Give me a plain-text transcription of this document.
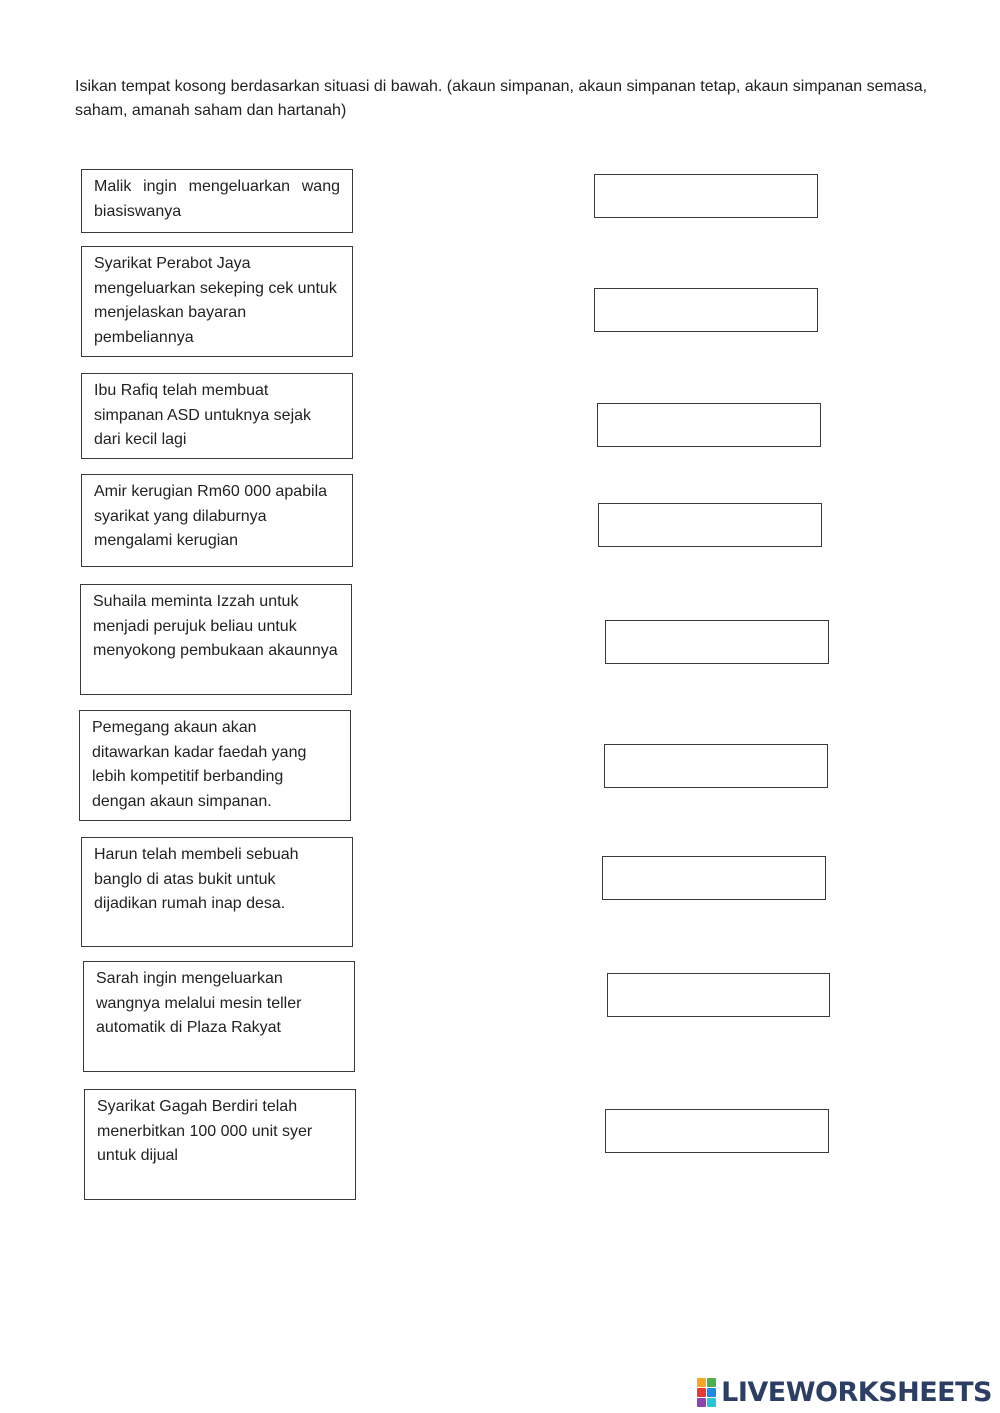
Isikan tempat kosong berdasarkan situasi di bawah. (akaun simpanan, akaun simpanan tetap, akaun simpanan semasa, saham, amanah saham dan hartanah)

Malik ingin mengeluarkan wang biasiswanya
Syarikat Perabot Jaya mengeluarkan sekeping cek untuk menjelaskan bayaran pembeliannya
Ibu Rafiq telah membuat simpanan ASD untuknya sejak dari kecil lagi
Amir kerugian Rm60 000 apabila syarikat yang dilaburnya mengalami kerugian
Suhaila meminta Izzah untuk menjadi perujuk beliau untuk menyokong pembukaan akaunnya
Pemegang akaun akan ditawarkan kadar faedah yang lebih kompetitif berbanding dengan akaun simpanan.
Harun telah membeli sebuah banglo di atas bukit untuk dijadikan rumah inap desa.
Sarah ingin mengeluarkan wangnya melalui mesin teller automatik di Plaza Rakyat
Syarikat Gagah Berdiri telah menerbitkan 100 000 unit syer untuk dijual
LIVEWORKSHEETS
